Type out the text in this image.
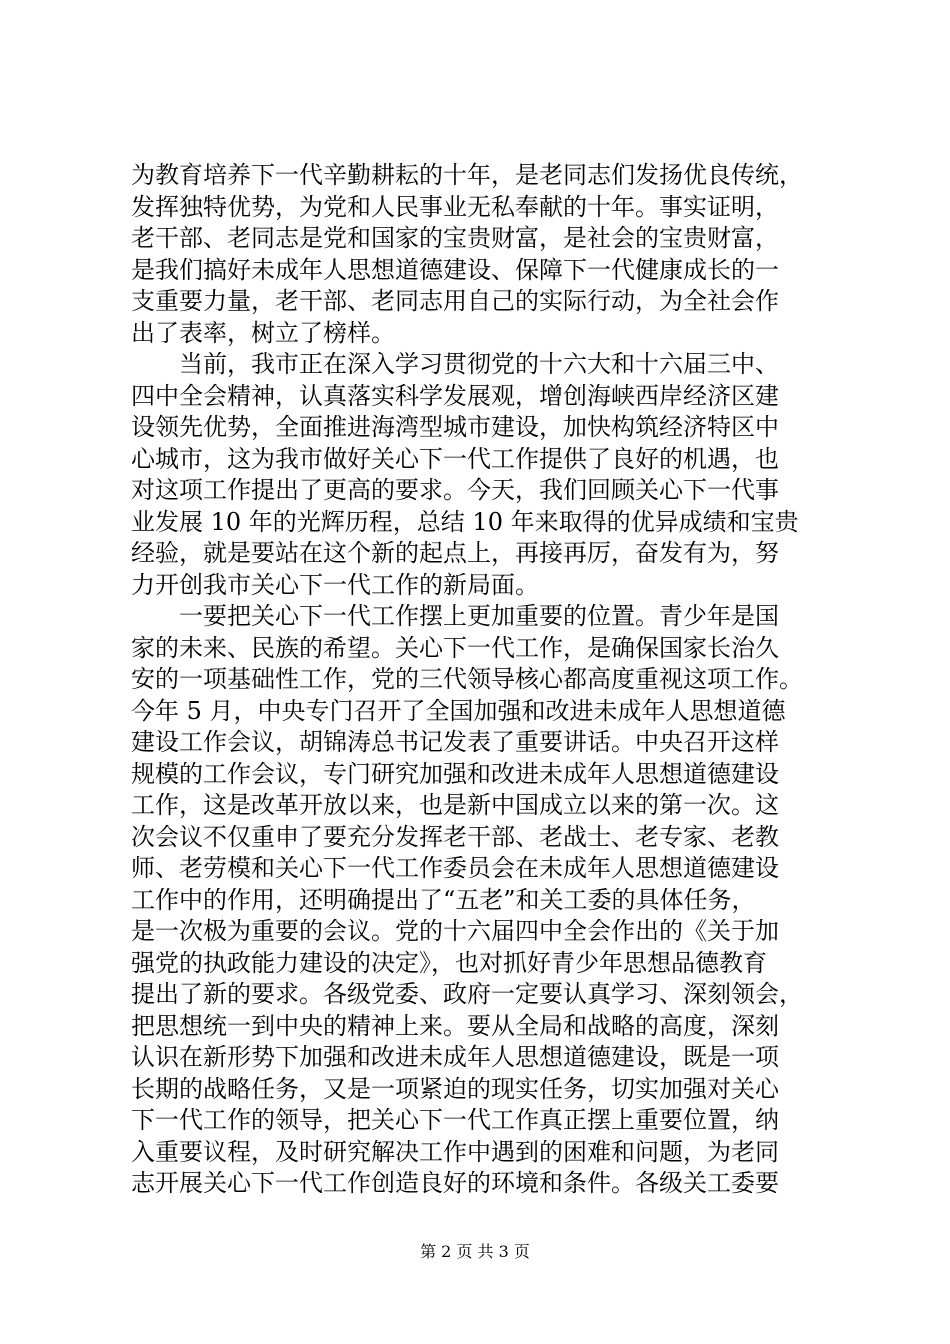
为教育培养下一代辛勤耕耘的十年，是老同志们发扬优良传统，

发挥独特优势，为党和人民事业无私奉献的十年。事实证明，

老干部、老同志是党和国家的宝贵财富，是社会的宝贵财富，

是我们搞好未成年人思想道德建设、保障下一代健康成长的一

支重要力量，老干部、老同志用自己的实际行动，为全社会作

出了表率，树立了榜样。

　　当前，我市正在深入学习贯彻党的十六大和十六届三中、

四中全会精神，认真落实科学发展观，增创海峡西岸经济区建

设领先优势，全面推进海湾型城市建设，加快构筑经济特区中

心城市，这为我市做好关心下一代工作提供了良好的机遇，也

对这项工作提出了更高的要求。今天，我们回顾关心下一代事

业发展 10 年的光辉历程，总结 10 年来取得的优异成绩和宝贵

经验，就是要站在这个新的起点上，再接再厉，奋发有为，努

力开创我市关心下一代工作的新局面。

　　一要把关心下一代工作摆上更加重要的位置。青少年是国

家的未来、民族的希望。关心下一代工作，是确保国家长治久

安的一项基础性工作，党的三代领导核心都高度重视这项工作。

今年 5 月，中央专门召开了全国加强和改进未成年人思想道德

建设工作会议，胡锦涛总书记发表了重要讲话。中央召开这样

规模的工作会议，专门研究加强和改进未成年人思想道德建设

工作，这是改革开放以来，也是新中国成立以来的第一次。这

次会议不仅重申了要充分发挥老干部、老战士、老专家、老教

师、老劳模和关心下一代工作委员会在未成年人思想道德建设

工作中的作用，还明确提出了“五老”和关工委的具体任务，

是一次极为重要的会议。党的十六届四中全会作出的《关于加

强党的执政能力建设的决定》，也对抓好青少年思想品德教育

提出了新的要求。各级党委、政府一定要认真学习、深刻领会，

把思想统一到中央的精神上来。要从全局和战略的高度，深刻

认识在新形势下加强和改进未成年人思想道德建设，既是一项

长期的战略任务，又是一项紧迫的现实任务，切实加强对关心

下一代工作的领导，把关心下一代工作真正摆上重要位置，纳

入重要议程，及时研究解决工作中遇到的困难和问题，为老同

志开展关心下一代工作创造良好的环境和条件。各级关工委要

第 2 页 共 3 页
